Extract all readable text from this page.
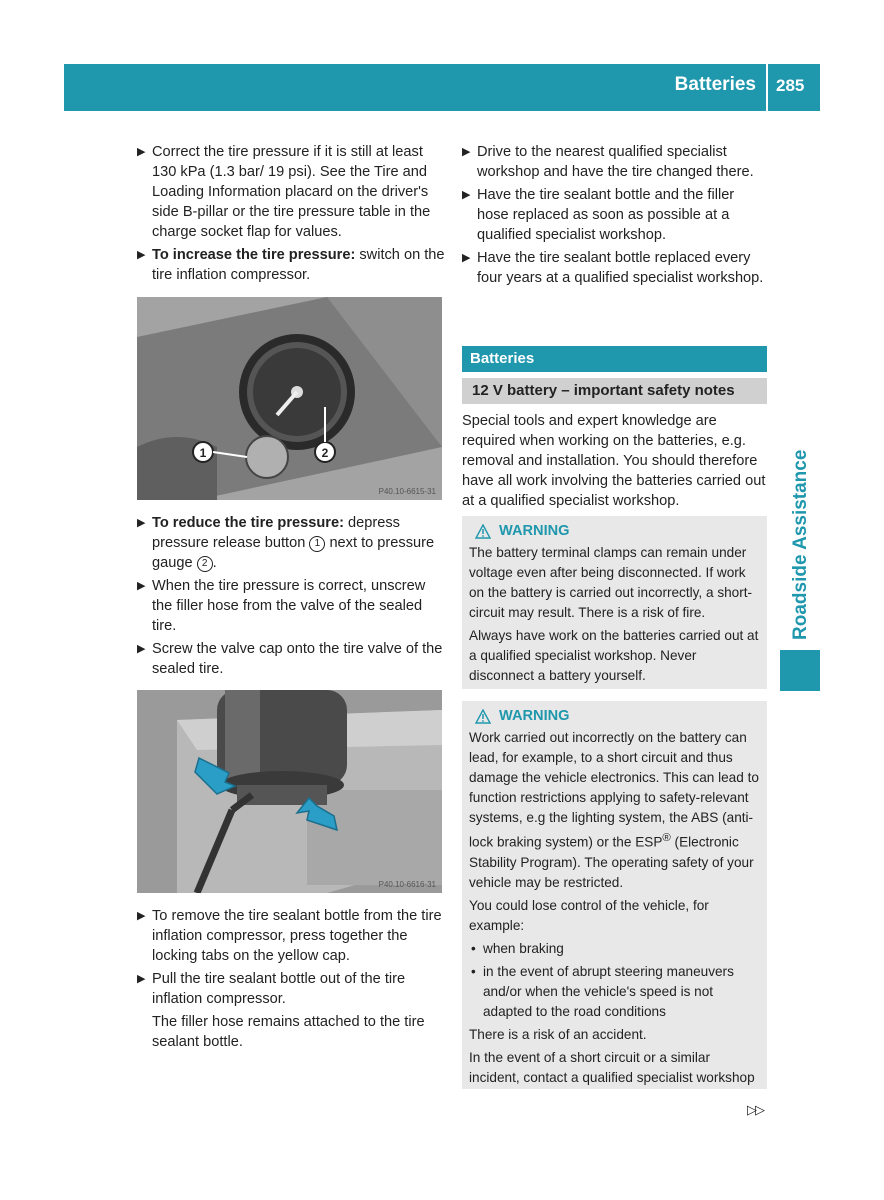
Batteries 285
Roadside Assistance
▶ Correct the tire pressure if it is still at least 130 kPa (1.3 bar/ 19 psi). See the Tire and Loading Information placard on the driver's side B-pillar or the tire pressure table in the charge socket flap for values.
▶ To increase the tire pressure: switch on the tire inflation compressor.
1	2
P40.10-6615-31
▶ To reduce the tire pressure: depress pressure release button 1 next to pressure gauge 2 .
▶ When the tire pressure is correct, unscrew the filler hose from the valve of the sealed tire.
▶ Screw the valve cap onto the tire valve of the sealed tire.
P40.10-6616-31
▶ To remove the tire sealant bottle from the tire inflation compressor, press together the locking tabs on the yellow cap.
▶ Pull the tire sealant bottle out of the tire inflation compressor.
The filler hose remains attached to the tire sealant bottle.
▶ Drive to the nearest qualified specialist workshop and have the tire changed there.
▶ Have the tire sealant bottle and the filler hose replaced as soon as possible at a qualified specialist workshop.
▶ Have the tire sealant bottle replaced every four years at a qualified specialist workshop.
Batteries
12 V battery – important safety notes
Special tools and expert knowledge are required when working on the batteries, e.g. removal and installation. You should therefore have all work involving the batteries carried out at a qualified specialist workshop.
WARNING

The battery terminal clamps can remain under voltage even after being disconnected. If work on the battery is carried out incorrectly, a short-circuit may result. There is a risk of fire.

Always have work on the batteries carried out at a qualified specialist workshop. Never disconnect a battery yourself.

WARNING

Work carried out incorrectly on the battery can lead, for example, to a short circuit and thus damage the vehicle electronics. This can lead to function restrictions applying to safety-relevant systems, e.g the lighting system, the ABS (anti-lock braking system) or the ESP® (Electronic Stability Program). The operating safety of your vehicle may be restricted.

You could lose control of the vehicle, for example:

• when braking
• in the event of abrupt steering maneuvers and/or when the vehicle's speed is not adapted to the road conditions

There is a risk of an accident.

In the event of a short circuit or a similar incident, contact a qualified specialist workshop

▷▷
